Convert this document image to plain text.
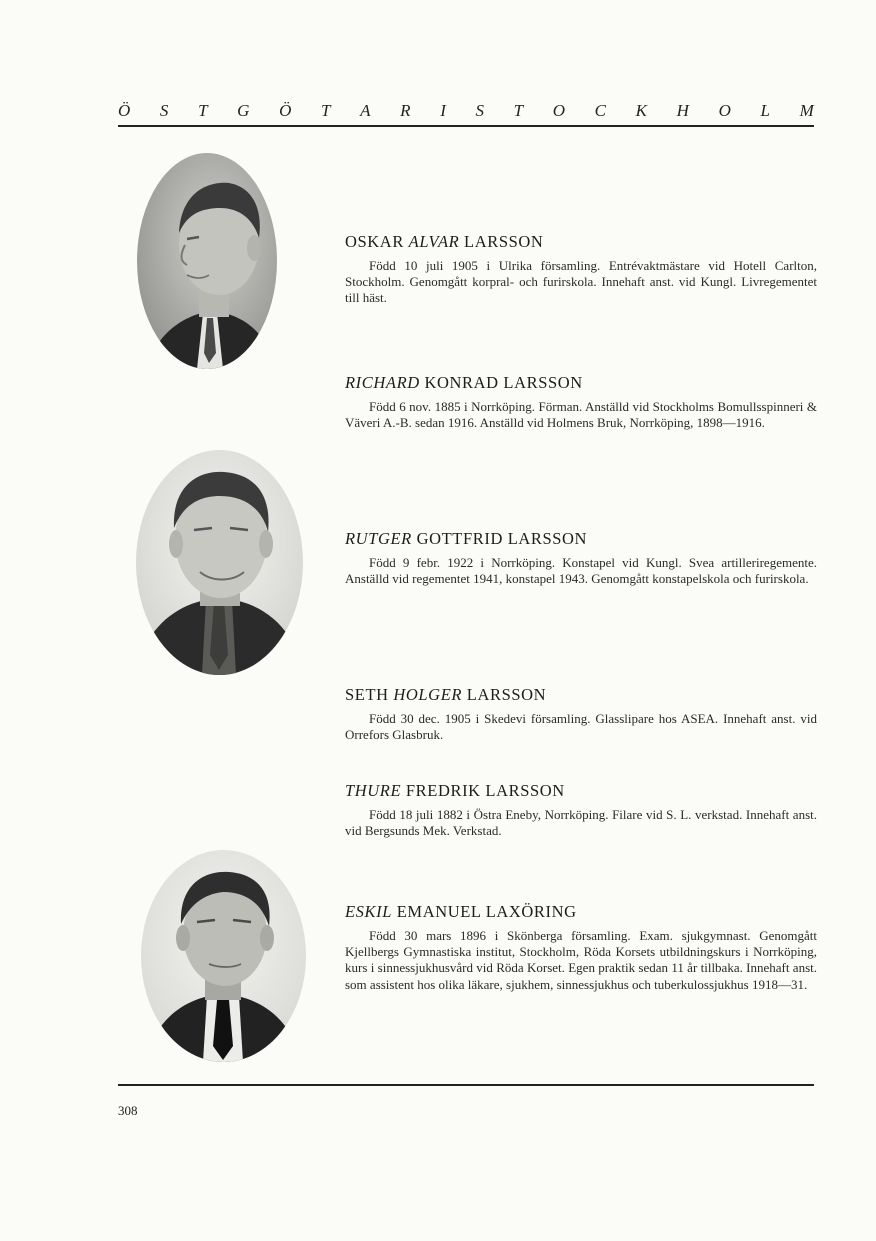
Ö S T G Ö T A R I S T O C K H O L M
OSKAR ALVAR LARSSON

Född 10 juli 1905 i Ulrika församling. Entrévaktmästare vid Hotell Carlton, Stockholm. Genomgått korpral- och furirskola. Innehaft anst. vid Kungl. Livregementet till häst.

RICHARD KONRAD LARSSON

Född 6 nov. 1885 i Norrköping. Förman. Anställd vid Stockholms Bomullsspinneri & Väveri A.-B. sedan 1916. Anställd vid Holmens Bruk, Norrköping, 1898—1916.

RUTGER GOTTFRID LARSSON

Född 9 febr. 1922 i Norrköping. Konstapel vid Kungl. Svea artilleriregemente. Anställd vid regementet 1941, konstapel 1943. Genomgått konstapelskola och furirskola.

SETH HOLGER LARSSON

Född 30 dec. 1905 i Skedevi församling. Glasslipare hos ASEA. Innehaft anst. vid Orrefors Glasbruk.

THURE FREDRIK LARSSON

Född 18 juli 1882 i Östra Eneby, Norrköping. Filare vid S. L. verkstad. Innehaft anst. vid Bergsunds Mek. Verkstad.

ESKIL EMANUEL LAXÖRING

Född 30 mars 1896 i Skönberga församling. Exam. sjukgymnast. Genomgått Kjellbergs Gymnastiska institut, Stockholm, Röda Korsets utbildningskurs i Norrköping, kurs i sinnessjukhusvård vid Röda Korset. Egen praktik sedan 11 år tillbaka. Innehaft anst. som assistent hos olika läkare, sjukhem, sinnessjukhus och tuberkulossjukhus 1918—31.

308
